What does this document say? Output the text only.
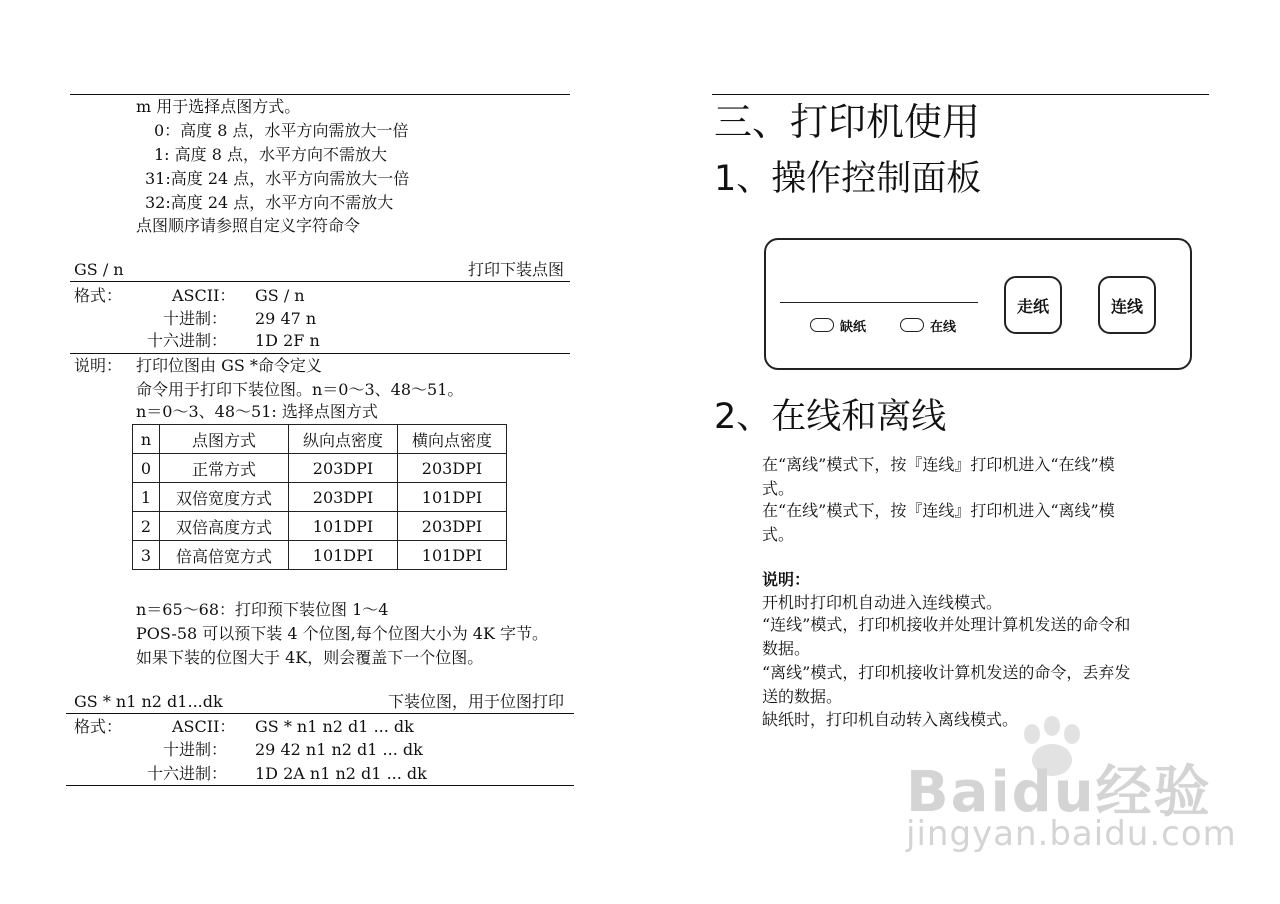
m 用于选择点图方式。
0：高度 8 点，水平方向需放大一倍
1: 高度 8 点，水平方向不需放大
31:高度 24 点，水平方向需放大一倍
32:高度 24 点，水平方向不需放大
点图顺序请参照自定义字符命令
GS / n	打印下装点图
格式：	ASCII： GS / n
十进制： 29 47 n
十六进制： 1D 2F n
说明： 打印位图由 GS *命令定义
命令用于打印下装位图。n＝0～3、48～51。
n＝0～3、48～51: 选择点图方式
n	点图方式	纵向点密度	横向点密度
0	正常方式	203DPI	203DPI
1	双倍宽度方式	203DPI	101DPI
2	双倍高度方式	101DPI	203DPI
3	倍高倍宽方式	101DPI	101DPI
n＝65～68：打印预下装位图 1～4
POS-58 可以预下装 4 个位图,每个位图大小为 4K 字节。
如果下装的位图大于 4K，则会覆盖下一个位图。
GS * n1 n2 d1...dk	下装位图，用于位图打印
格式：	ASCII： GS * n1 n2 d1 ... dk
十进制： 29 42 n1 n2 d1 ... dk
十六进制： 1D 2A n1 n2 d1 ... dk
三、打印机使用
1、操作控制面板
缺纸	在线
走纸	连线
2、在线和离线
在“离线”模式下，按『连线』打印机进入“在线”模
式。
在“在线”模式下，按『连线』打印机进入“离线”模
式。
说明：
开机时打印机自动进入连线模式。
“连线”模式，打印机接收并处理计算机发送的命令和
数据。
“离线”模式，打印机接收计算机发送的命令，丢弃发
送的数据。
缺纸时，打印机自动转入离线模式。
Baidu经验
jingyan.baidu.com
